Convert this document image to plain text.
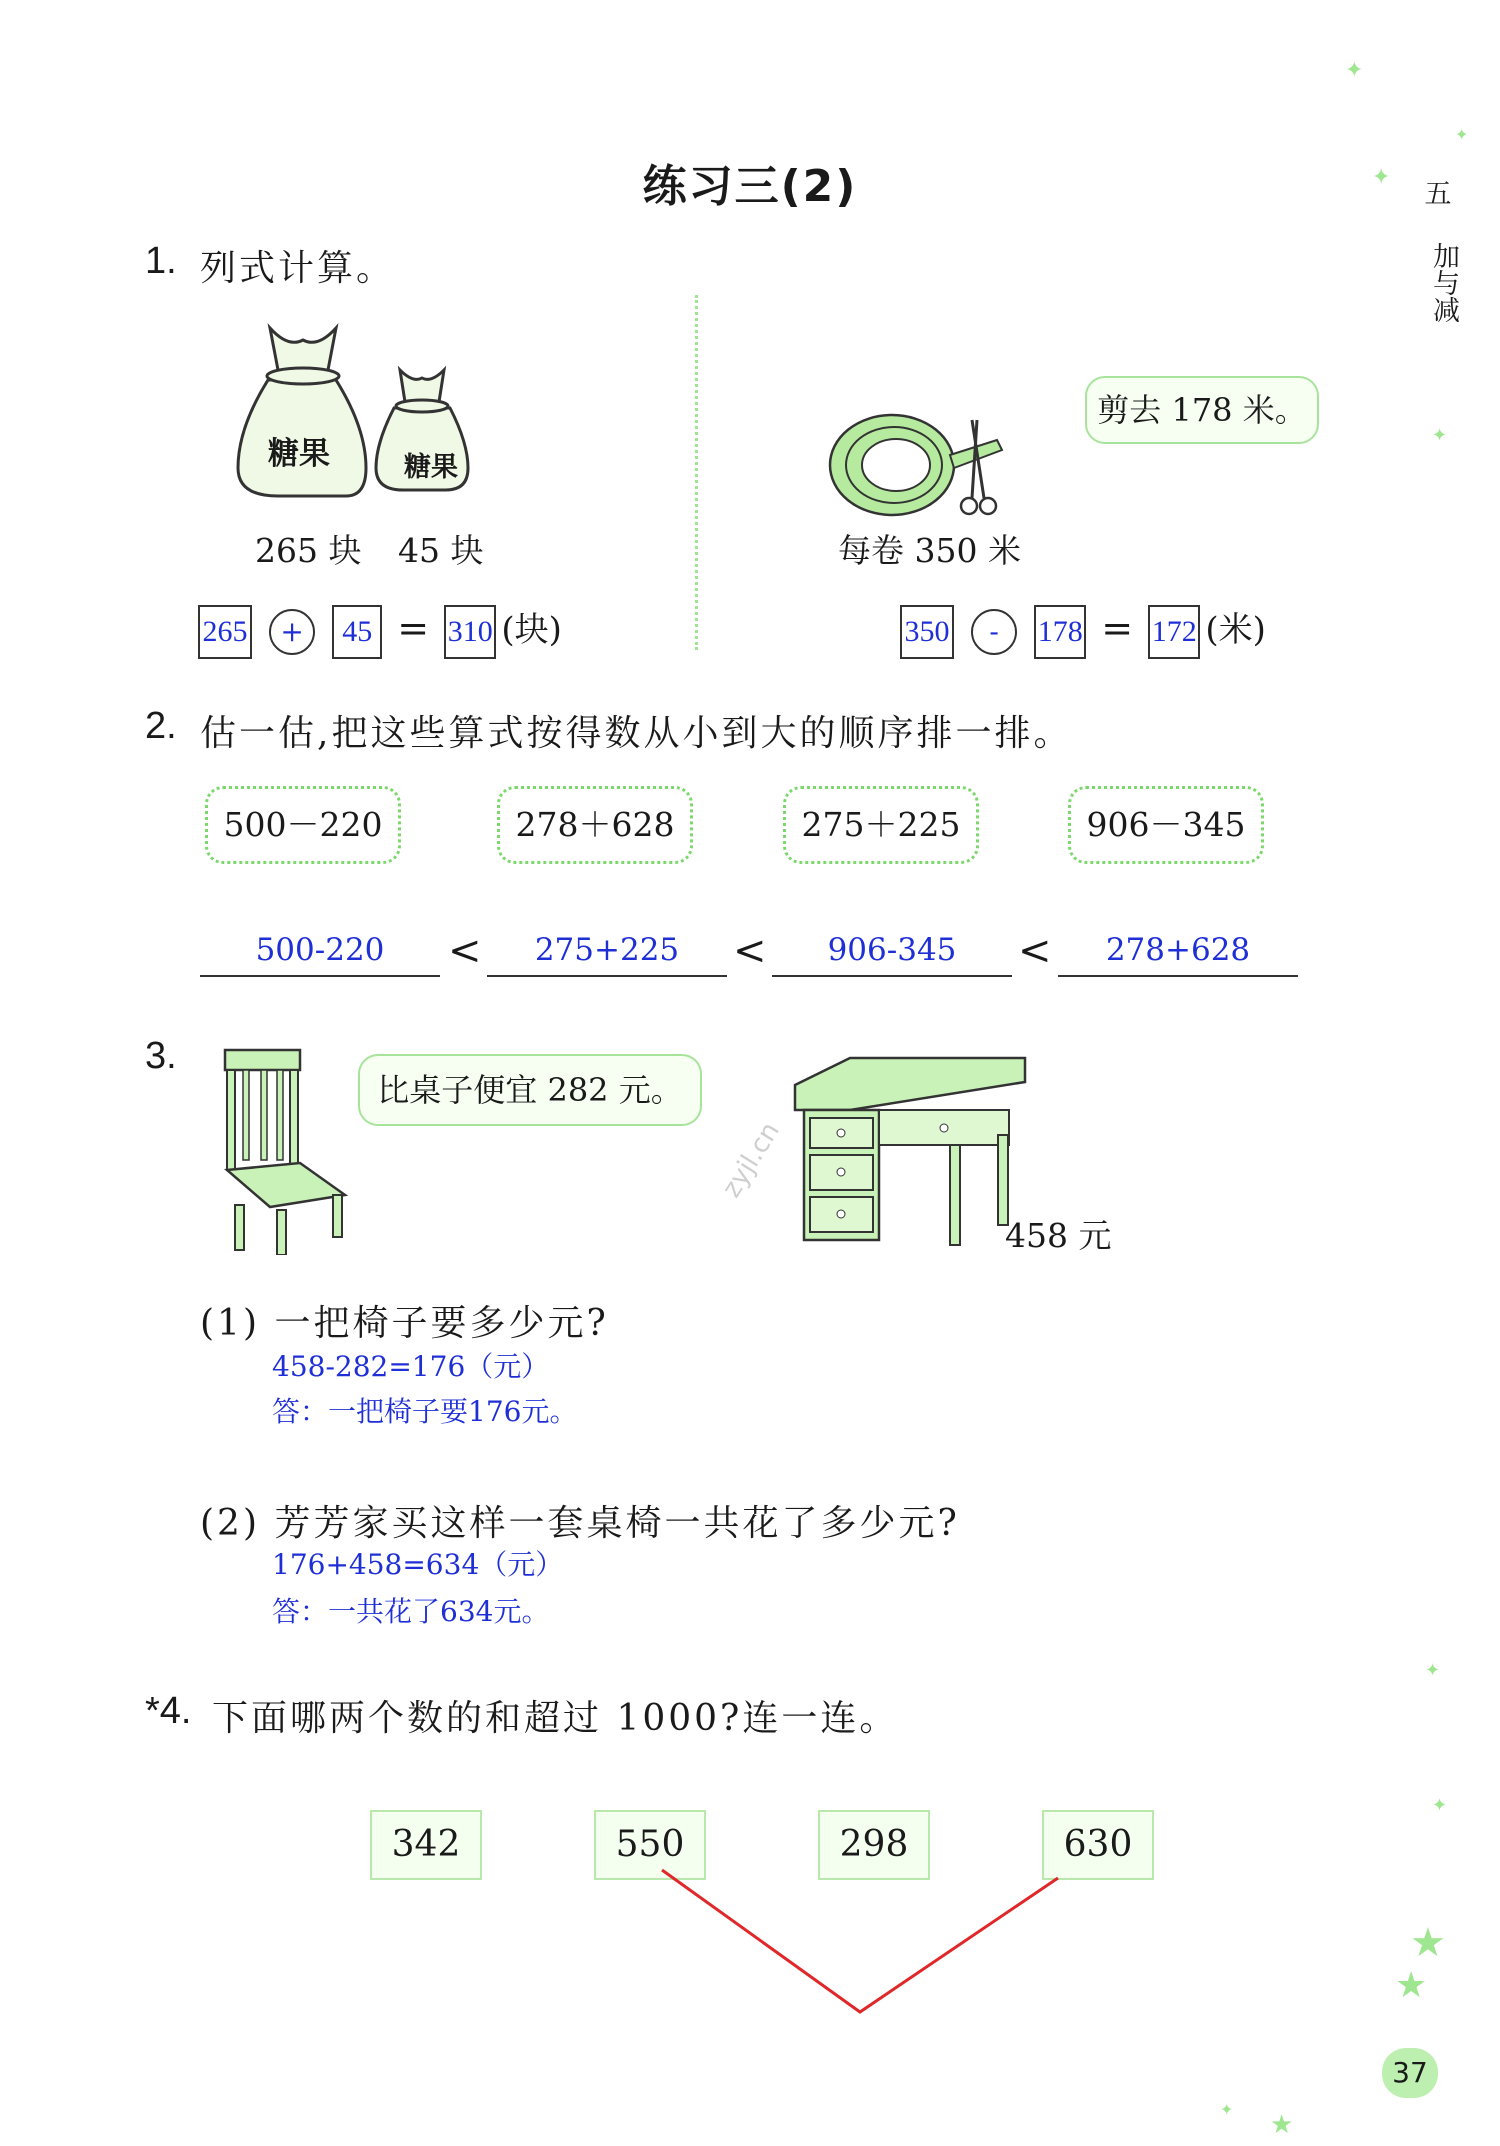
✦
✦
✦
✦
✦
✦
★
★
★
✦
练习三(2)	五
加与减
1. 列式计算。
糖果	糖果
265 块 45 块
265 + 45 = 310 (块)
剪去 178 米。
每卷 350 米
350 - 178 = 172 (米)
2. 估一估,把这些算式按得数从小到大的顺序排一排。
500－220	278＋628	275＋225	906－345
500-220	<	275+225	<	906-345	<	278+628
3.
比桌子便宜 282 元。
458 元
zyjl.cn
(1) 一把椅子要多少元?
458-282=176（元）
答：一把椅子要176元。
(2) 芳芳家买这样一套桌椅一共花了多少元?
176+458=634（元）
答：一共花了634元。
*4. 下面哪两个数的和超过 1000?连一连。
342	550	298	630
37
